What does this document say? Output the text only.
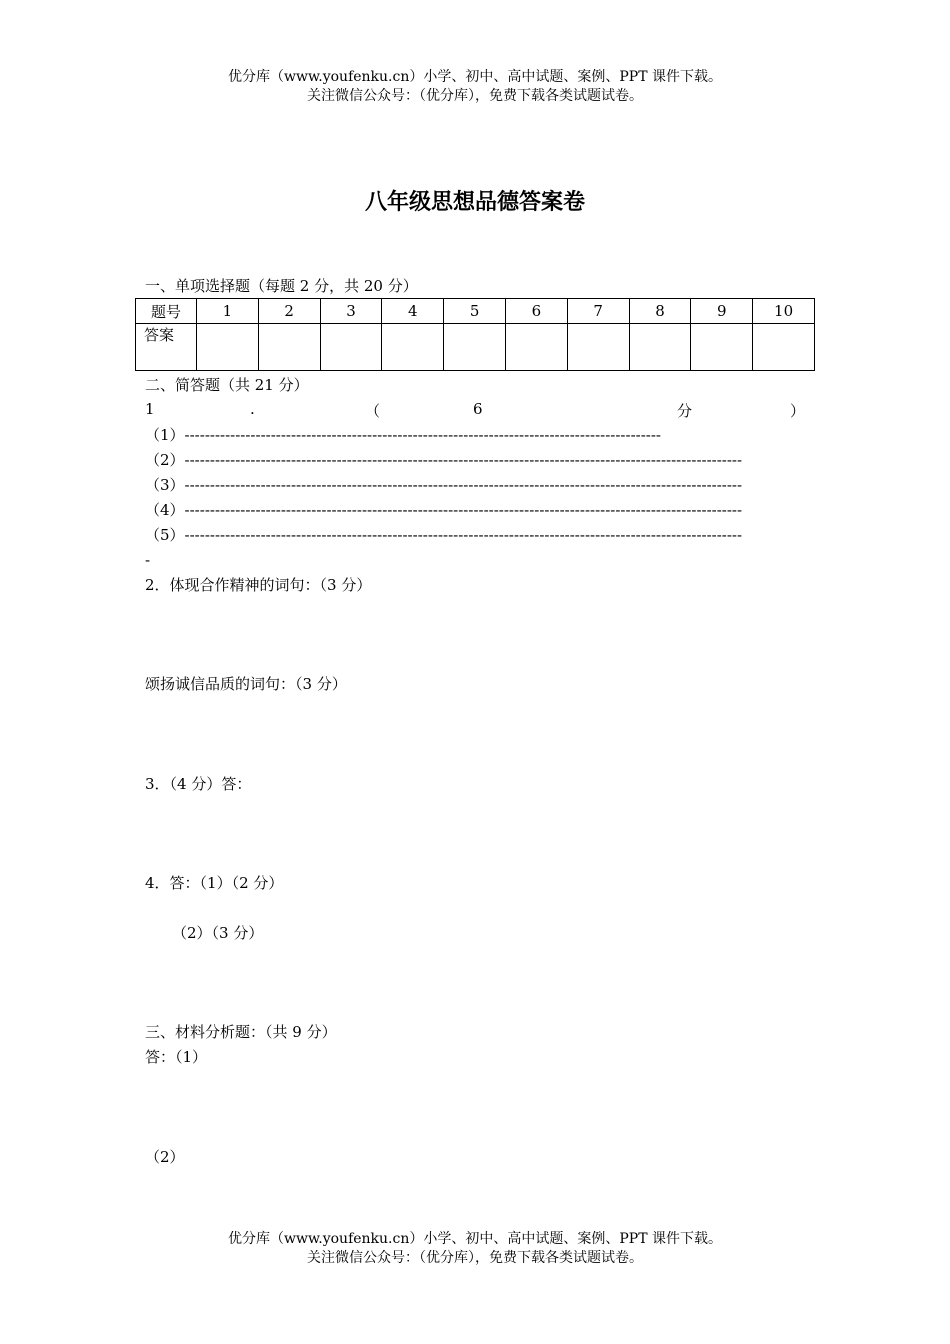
优分库（www.youfenku.cn）小学、初中、高中试题、案例、PPT 课件下载。
关注微信公众号：（优分库），免费下载各类试题试卷。
八年级思想品德答案卷
一、单项选择题（每题 2 分，共 20 分）
题号	1	2	3	4	5	6	7	8	9	10
答案										
二、简答题（共 21 分）
1	.	（	6	分	）
（1）----------------------------------------------------------------------------------------------
（2）--------------------------------------------------------------------------------------------------------------
（3）--------------------------------------------------------------------------------------------------------------
（4）--------------------------------------------------------------------------------------------------------------
（5）--------------------------------------------------------------------------------------------------------------
-
2．体现合作精神的词句：（3 分）
颂扬诚信品质的词句：（3 分）
3．（4 分）答：
4．答：（1）（2 分）
（2）（3 分）
三、材料分析题：（共 9 分）
答：（1）
（2）
优分库（www.youfenku.cn）小学、初中、高中试题、案例、PPT 课件下载。
关注微信公众号：（优分库），免费下载各类试题试卷。
